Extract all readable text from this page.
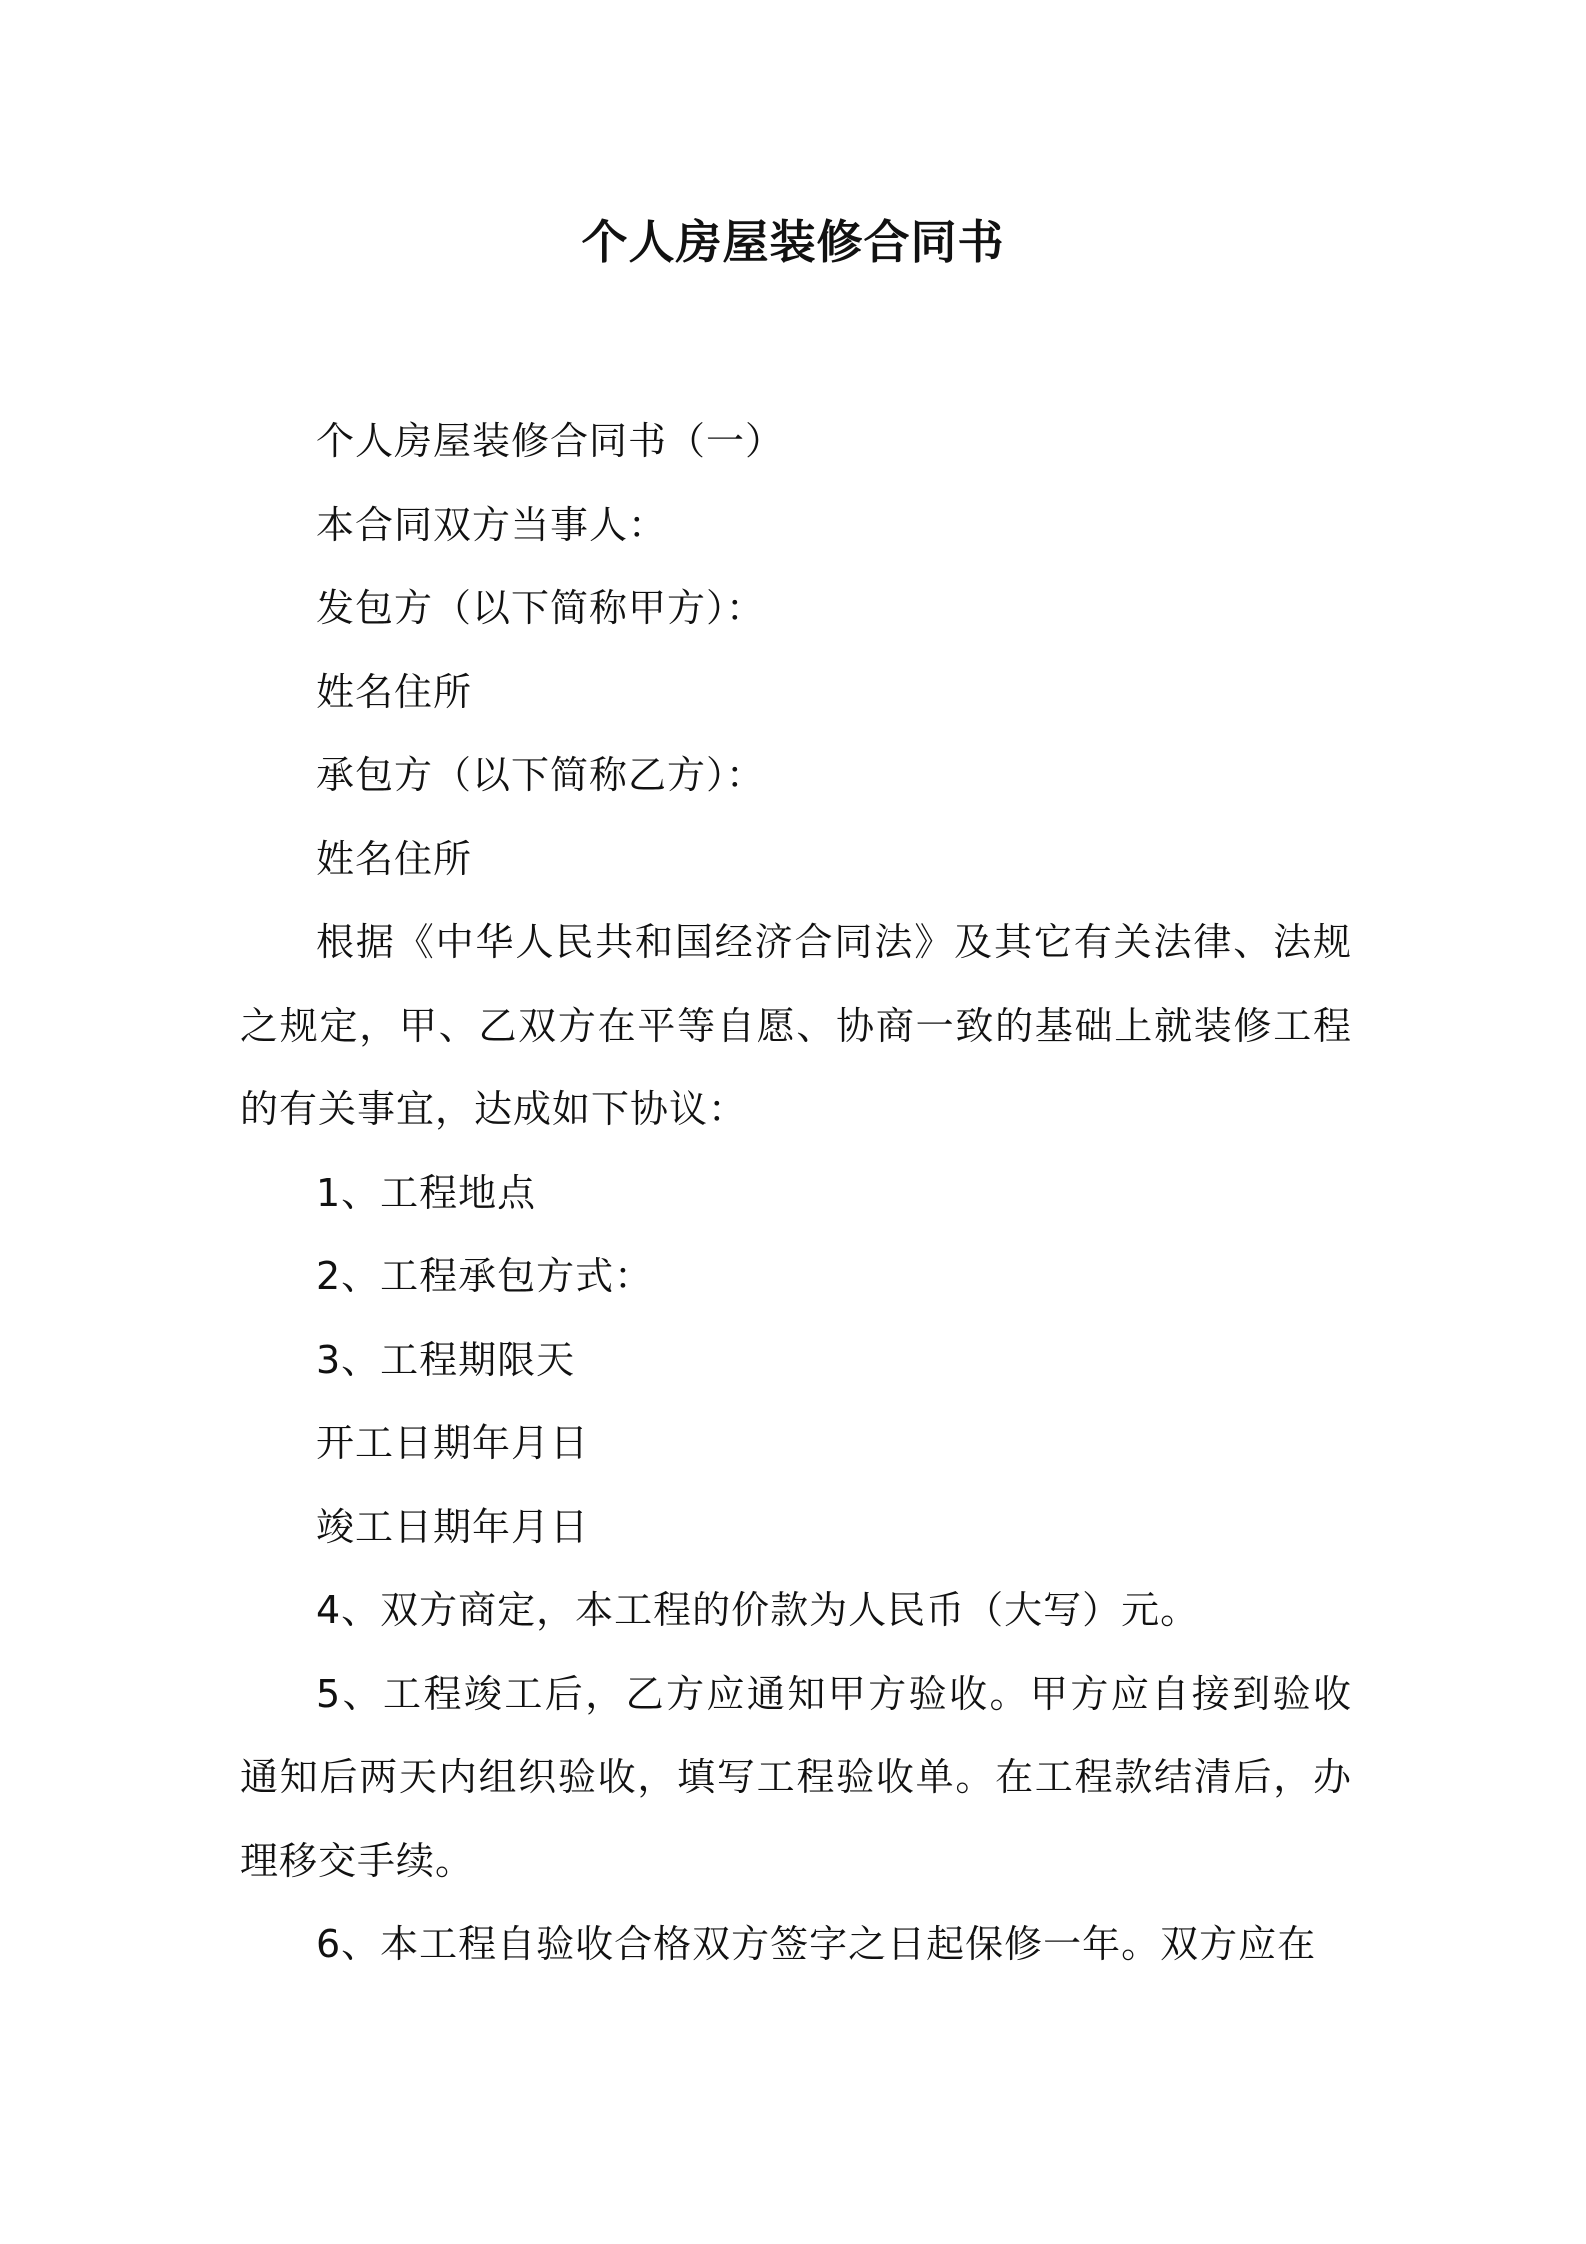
个人房屋装修合同书

个人房屋装修合同书（一）

本合同双方当事人：

发包方（以下简称甲方）：

姓名住所

承包方（以下简称乙方）：

姓名住所

根据《中华人民共和国经济合同法》及其它有关法律、法规之规定，甲、乙双方在平等自愿、协商一致的基础上就装修工程的有关事宜，达成如下协议：

1、工程地点

2、工程承包方式：

3、工程期限天

开工日期年月日

竣工日期年月日

4、双方商定，本工程的价款为人民币（大写）元。

5、工程竣工后，乙方应通知甲方验收。甲方应自接到验收通知后两天内组织验收，填写工程验收单。在工程款结清后，办理移交手续。

6、本工程自验收合格双方签字之日起保修一年。双方应在
